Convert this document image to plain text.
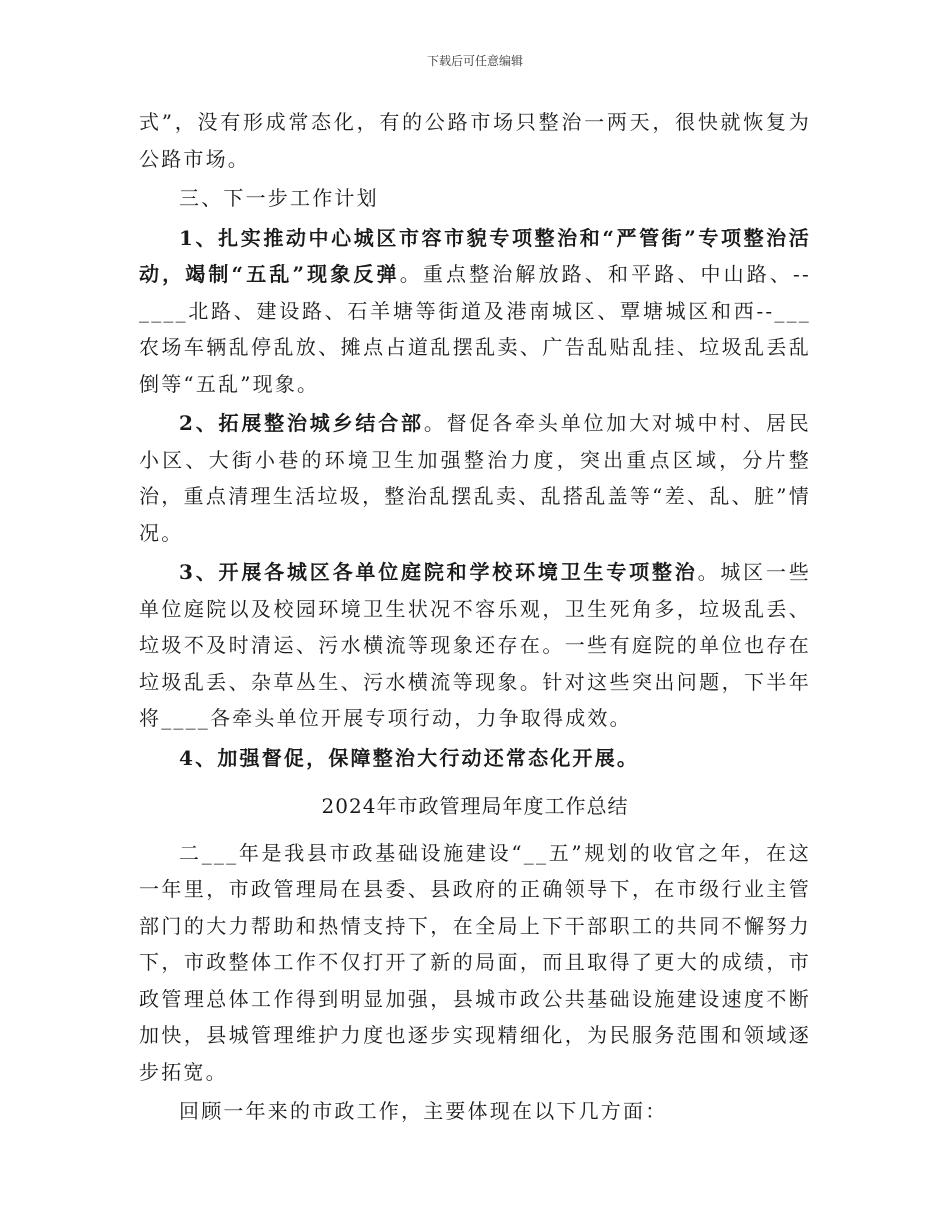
下载后可任意编辑

式”，没有形成常态化，有的公路市场只整治一两天，很快就恢复为公路市场。

三、下一步工作计划

1、扎实推动中心城区市容市貌专项整治和“严管街”专项整治活动，竭制“五乱”现象反弹。重点整治解放路、和平路、中山路、--____北路、建设路、石羊塘等街道及港南城区、覃塘城区和西--___农场车辆乱停乱放、摊点占道乱摆乱卖、广告乱贴乱挂、垃圾乱丢乱倒等“五乱”现象。

2、拓展整治城乡结合部。督促各牵头单位加大对城中村、居民小区、大街小巷的环境卫生加强整治力度，突出重点区域，分片整治，重点清理生活垃圾，整治乱摆乱卖、乱搭乱盖等“差、乱、脏”情况。

3、开展各城区各单位庭院和学校环境卫生专项整治。城区一些单位庭院以及校园环境卫生状况不容乐观，卫生死角多，垃圾乱丢、垃圾不及时清运、污水横流等现象还存在。一些有庭院的单位也存在垃圾乱丢、杂草丛生、污水横流等现象。针对这些突出问题，下半年将____各牵头单位开展专项行动，力争取得成效。

4、加强督促，保障整治大行动还常态化开展。

2024年市政管理局年度工作总结

二___年是我县市政基础设施建设“__五”规划的收官之年，在这一年里，市政管理局在县委、县政府的正确领导下，在市级行业主管部门的大力帮助和热情支持下，在全局上下干部职工的共同不懈努力下，市政整体工作不仅打开了新的局面，而且取得了更大的成绩，市政管理总体工作得到明显加强，县城市政公共基础设施建设速度不断加快，县城管理维护力度也逐步实现精细化，为民服务范围和领域逐步拓宽。

回顾一年来的市政工作，主要体现在以下几方面：
